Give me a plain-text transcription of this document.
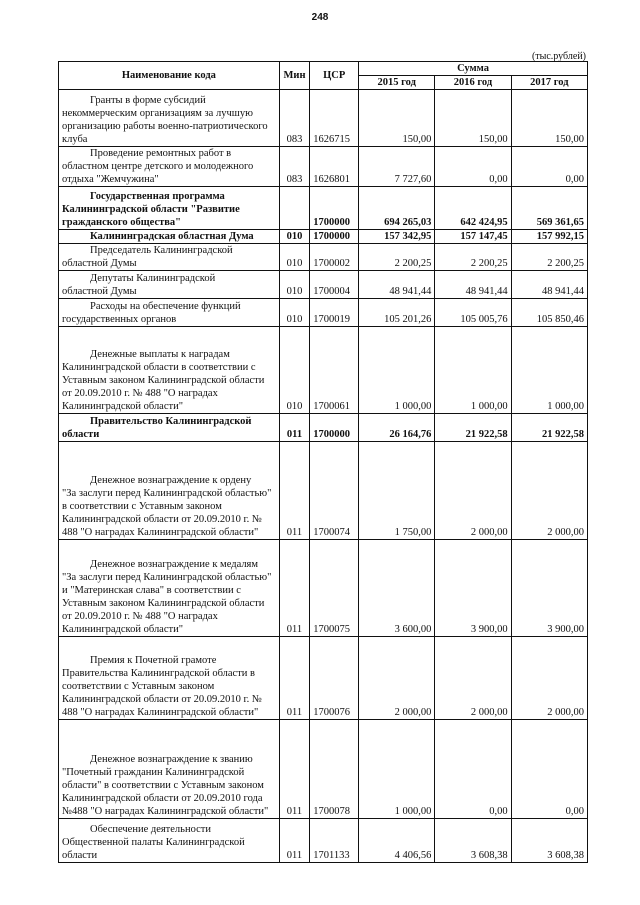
248
(тыс.рублей)
Наименование кода	Мин	ЦСР	Сумма		
			2015 год	2016 год	2017 год

Гранты в форме субсидий
некоммерческим организациям за лучшую организацию работы военно-патриотического клуба	083	1626715	150,00	150,00	150,00

Проведение ремонтных работ в
областном центре детского и молодежного отдыха "Жемчужина"	083	1626801	7 727,60	0,00	0,00

Государственная программа
Калининградской области "Развитие гражданского общества"		1700000	694 265,03	642 424,95	569 361,65

Калининградская областная Дума	010	1700000	157 342,95	157 147,45	157 992,15

Председатель Калининградской
областной Думы	010	1700002	2 200,25	2 200,25	2 200,25

Депутаты Калининградской
областной Думы	010	1700004	48 941,44	48 941,44	48 941,44

Расходы на обеспечение функций
государственных органов	010	1700019	105 201,26	105 005,76	105 850,46

Денежные выплаты к наградам
Калининградской области в соответствии с Уставным законом Калининградской области от 20.09.2010 г. № 488 "О наградах Калининградской области"	010	1700061	1 000,00	1 000,00	1 000,00

Правительство Калининградской
области	011	1700000	26 164,76	21 922,58	21 922,58

Денежное вознаграждение к ордену
"За заслуги перед Калининградской областью" в соответствии с Уставным законом Калининградской области от 20.09.2010 г. № 488 "О наградах Калининградской области"	011	1700074	1 750,00	2 000,00	2 000,00

Денежное вознаграждение к медалям
"За заслуги перед Калининградской областью" и "Материнская слава" в соответствии с Уставным законом Калининградской области от 20.09.2010 г. № 488 "О наградах Калининградской области"	011	1700075	3 600,00	3 900,00	3 900,00

Премия к Почетной грамоте
Правительства Калининградской области в соответствии с Уставным законом Калининградской области от 20.09.2010 г. № 488 "О наградах Калининградской области"	011	1700076	2 000,00	2 000,00	2 000,00

Денежное вознаграждение к званию
"Почетный гражданин Калининградской области" в соответствии с Уставным законом Калининградской области от 20.09.2010 года №488 "О наградах Калининградской области"	011	1700078	1 000,00	0,00	0,00

Обеспечение деятельности
Общественной палаты Калининградской области	011	1701133	4 406,56	3 608,38	3 608,38
